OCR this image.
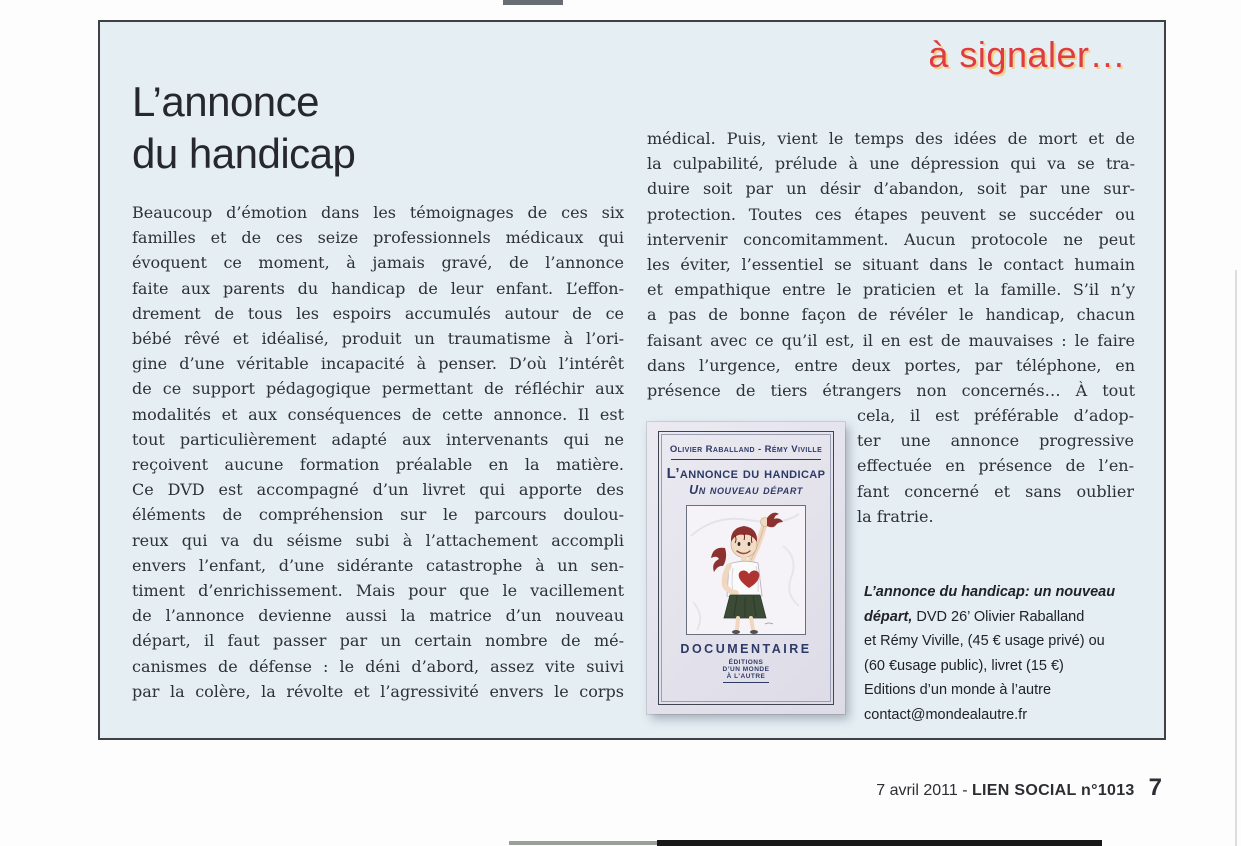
à signaler…
L’annonce
du handicap
Beaucoup d’émotion dans les témoignages de ces six
familles et de ces seize professionnels médicaux qui
évoquent ce moment, à jamais gravé, de l’annonce
faite aux parents du handicap de leur enfant. L’effon-
drement de tous les espoirs accumulés autour de ce
bébé rêvé et idéalisé, produit un traumatisme à l’ori-
gine d’une véritable incapacité à penser. D’où l’intérêt
de ce support pédagogique permettant de réfléchir aux
modalités et aux conséquences de cette annonce. Il est
tout particulièrement adapté aux intervenants qui ne
reçoivent aucune formation préalable en la matière.
Ce DVD est accompagné d’un livret qui apporte des
éléments de compréhension sur le parcours doulou-
reux qui va du séisme subi à l’attachement accompli
envers l’enfant, d’une sidérante catastrophe à un sen-
timent d’enrichissement. Mais pour que le vacillement
de l’annonce devienne aussi la matrice d’un nouveau
départ, il faut passer par un certain nombre de mé-
canismes de défense : le déni d’abord, assez vite suivi
par la colère, la révolte et l’agressivité envers le corps
médical. Puis, vient le temps des idées de mort et de
la culpabilité, prélude à une dépression qui va se tra-
duire soit par un désir d’abandon, soit par une sur-
protection. Toutes ces étapes peuvent se succéder ou
intervenir concomitamment. Aucun protocole ne peut
les éviter, l’essentiel se situant dans le contact humain
et empathique entre le praticien et la famille. S’il n’y
a pas de bonne façon de révéler le handicap, chacun
faisant avec ce qu’il est, il en est de mauvaises : le faire
dans l’urgence, entre deux portes, par téléphone, en
présence de tiers étrangers non concernés… À tout
cela, il est préférable d’adop-
ter une annonce progressive
effectuée en présence de l’en-
fant concerné et sans oublier
la fratrie.
Olivier Raballand - Rémy Viville
L’annonce du handicap
Un nouveau départ
DOCUMENTAIRE
ÉDITIONS
D’UN MONDE
À L’AUTRE
L’annonce du handicap: un nouveau
départ, DVD 26’ Olivier Raballand
et Rémy Viville, (45 € usage privé) ou
(60 €usage public), livret (15 €)
Editions d’un monde à l’autre
contact@mondealautre.fr
7 avril 2011 - LIEN SOCIAL n°1013 7
